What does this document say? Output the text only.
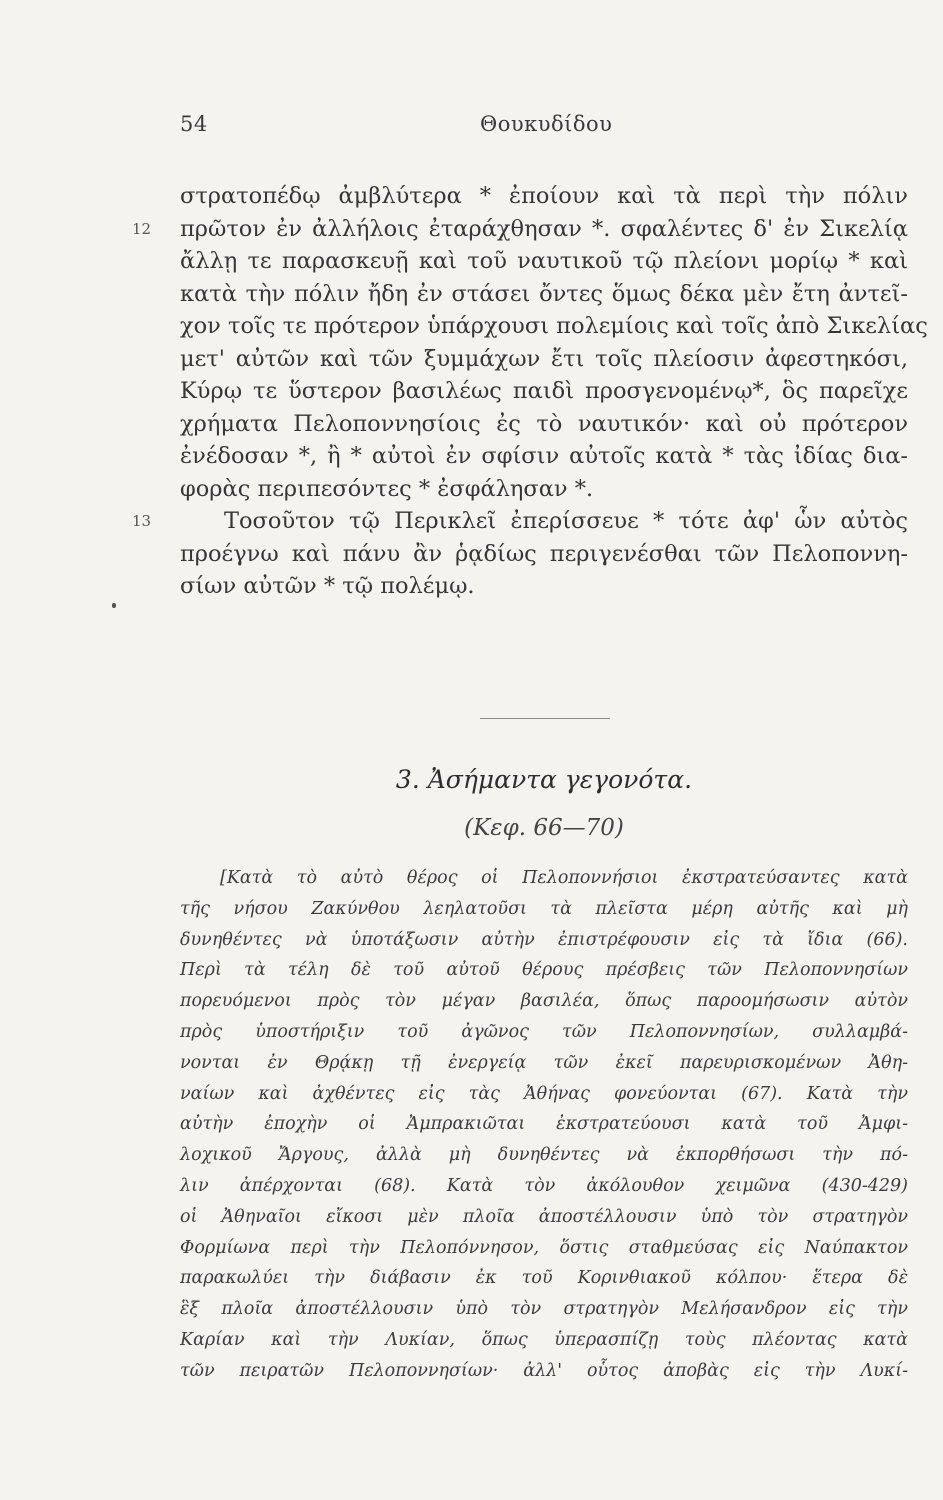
54	Θουκυδίδου
στρατοπέδῳ ἀμβλύτερα * ἐποίουν καὶ τὰ περὶ τὴν πόλιν
12 πρῶτον ἐν ἀλλήλοις ἐταράχθησαν *. σφαλέντες δ' ἐν Σικελίᾳ
ἄλλῃ τε παρασκευῇ καὶ τοῦ ναυτικοῦ τῷ πλείονι μορίῳ * καὶ
κατὰ τὴν πόλιν ἤδη ἐν στάσει ὄντες ὅμως δέκα μὲν ἔτη ἀντεῖ-
χον τοῖς τε πρότερον ὑπάρχουσι πολεμίοις καὶ τοῖς ἀπὸ Σικελίας
μετ' αὐτῶν καὶ τῶν ξυμμάχων ἔτι τοῖς πλείοσιν ἀφεστηκόσι,
Κύρῳ τε ὕστερον βασιλέως παιδὶ προσγενομένῳ*, ὃς παρεῖχε
χρήματα Πελοποννησίοις ἐς τὸ ναυτικόν· καὶ οὐ πρότερον
ἐνέδοσαν *, ἢ * αὐτοὶ ἐν σφίσιν αὐτοῖς κατὰ * τὰς ἰδίας δια-
φορὰς περιπεσόντες * ἐσφάλησαν *.
13	Τοσοῦτον τῷ Περικλεῖ ἐπερίσσευε * τότε ἀφ' ὧν αὐτὸς
προέγνω καὶ πάνυ ἂν ῥᾳδίως περιγενέσθαι τῶν Πελοποννη-
σίων αὐτῶν * τῷ πολέμῳ.
3. Ἀσήμαντα γεγονότα.
(Κεφ. 66—70)
[Κατὰ τὸ αὐτὸ θέρος οἱ Πελοποννήσιοι ἐκστρατεύσαντες κατὰ
τῆς νήσου Ζακύνθου λεηλατοῦσι τὰ πλεῖστα μέρη αὐτῆς καὶ μὴ
δυνηθέντες νὰ ὑποτάξωσιν αὐτὴν ἐπιστρέφουσιν εἰς τὰ ἴδια (66).
Περὶ τὰ τέλη δὲ τοῦ αὐτοῦ θέρους πρέσβεις τῶν Πελοποννησίων
πορευόμενοι πρὸς τὸν μέγαν βασιλέα, ὅπως παροομήσωσιν αὐτὸν
πρὸς ὑποστήριξιν τοῦ ἀγῶνος τῶν Πελοποννησίων, συλλαμβά-
νονται ἐν Θρᾴκῃ τῇ ἐνεργείᾳ τῶν ἐκεῖ παρευρισκομένων Ἀθη-
ναίων καὶ ἀχθέντες εἰς τὰς Ἀθήνας φονεύονται (67). Κατὰ τὴν
αὐτὴν ἐποχὴν οἱ Ἀμπρακιῶται ἐκστρατεύουσι κατὰ τοῦ Ἀμφι-
λοχικοῦ Ἄργους, ἀλλὰ μὴ δυνηθέντες νὰ ἐκπορθήσωσι τὴν πό-
λιν ἀπέρχονται (68). Κατὰ τὸν ἀκόλουθον χειμῶνα (430-429)
οἱ Ἀθηναῖοι εἴκοσι μὲν πλοῖα ἀποστέλλουσιν ὑπὸ τὸν στρατηγὸν
Φορμίωνα περὶ τὴν Πελοπόννησον, ὅστις σταθμεύσας εἰς Ναύπακτον
παρακωλύει τὴν διάβασιν ἐκ τοῦ Κορινθιακοῦ κόλπου· ἕτερα δὲ
ἓξ πλοῖα ἀποστέλλουσιν ὑπὸ τὸν στρατηγὸν Μελήσανδρον εἰς τὴν
Καρίαν καὶ τὴν Λυκίαν, ὅπως ὑπερασπίζῃ τοὺς πλέοντας κατὰ
τῶν πειρατῶν Πελοποννησίων· ἀλλ' οὗτος ἀποβὰς εἰς τὴν Λυκί-
